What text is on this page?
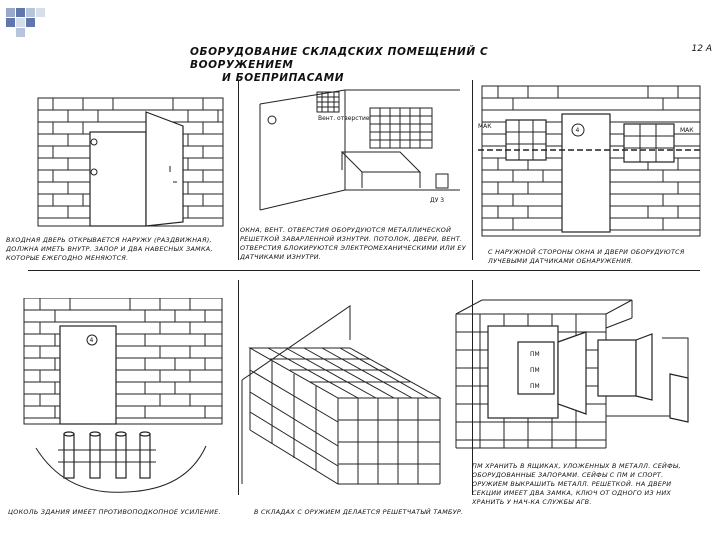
12 А
ОБОРУДОВАНИЕ СКЛАДСКИХ ПОМЕЩЕНИЙ С ВООРУЖЕНИЕМ
И БОЕПРИПАСАМИ
ВХОДНАЯ ДВЕРЬ ОТКРЫВАЕТСЯ НАРУЖУ (РАЗДВИЖНАЯ), ДОЛЖНА ИМЕТЬ ВНУТР. ЗАПОР И ДВА НАВЕСНЫХ ЗАМКА, КОТОРЫЕ ЕЖЕГОДНО МЕНЯЮТСЯ.
Вент. отверстие
ДУ 3
ОКНА, ВЕНТ. ОТВЕРСТИЯ ОБОРУДУЮТСЯ МЕТАЛЛИЧЕСКОЙ РЕШЕТКОЙ ЗАВАРЛЕННОЙ ИЗНУТРИ. ПОТОЛОК, ДВЕРИ, ВЕНТ. ОТВЕРСТИЯ БЛОКИРУЮТСЯ ЭЛЕКТРОМЕХАНИЧЕСКИМИ ИЛИ ЕУ ДАТЧИКАМИ ИЗНУТРИ.
МАК
МАК
4
С НАРУЖНОЙ СТОРОНЫ ОКНА И ДВЕРИ ОБОРУДУЮТСЯ ЛУЧЕВЫМИ ДАТЧИКАМИ ОБНАРУЖЕНИЯ.
4
ЦОКОЛЬ ЗДАНИЯ ИМЕЕТ ПРОТИВОПОДКОПНОЕ УСИЛЕНИЕ.	В СКЛАДАХ С ОРУЖИЕМ ДЕЛАЕТСЯ РЕШЕТЧАТЫЙ ТАМБУР.
ПМ
ПМ
ПМ
ПМ ХРАНИТЬ В ЯЩИКАХ, УЛОЖЕННЫХ В МЕТАЛЛ. СЕЙФЫ, ОБОРУДОВАННЫЕ ЗАПОРАМИ. СЕЙФЫ С ПМ И СПОРТ. ОРУЖИЕМ ВЫКРАШИТЬ МЕТАЛЛ. РЕШЕТКОЙ. НА ДВЕРИ СЕКЦИИ ИМЕЕТ ДВА ЗАМКА, КЛЮЧ ОТ ОДНОГО ИЗ НИХ ХРАНИТЬ У НАЧ-КА СЛУЖБЫ АГВ.
